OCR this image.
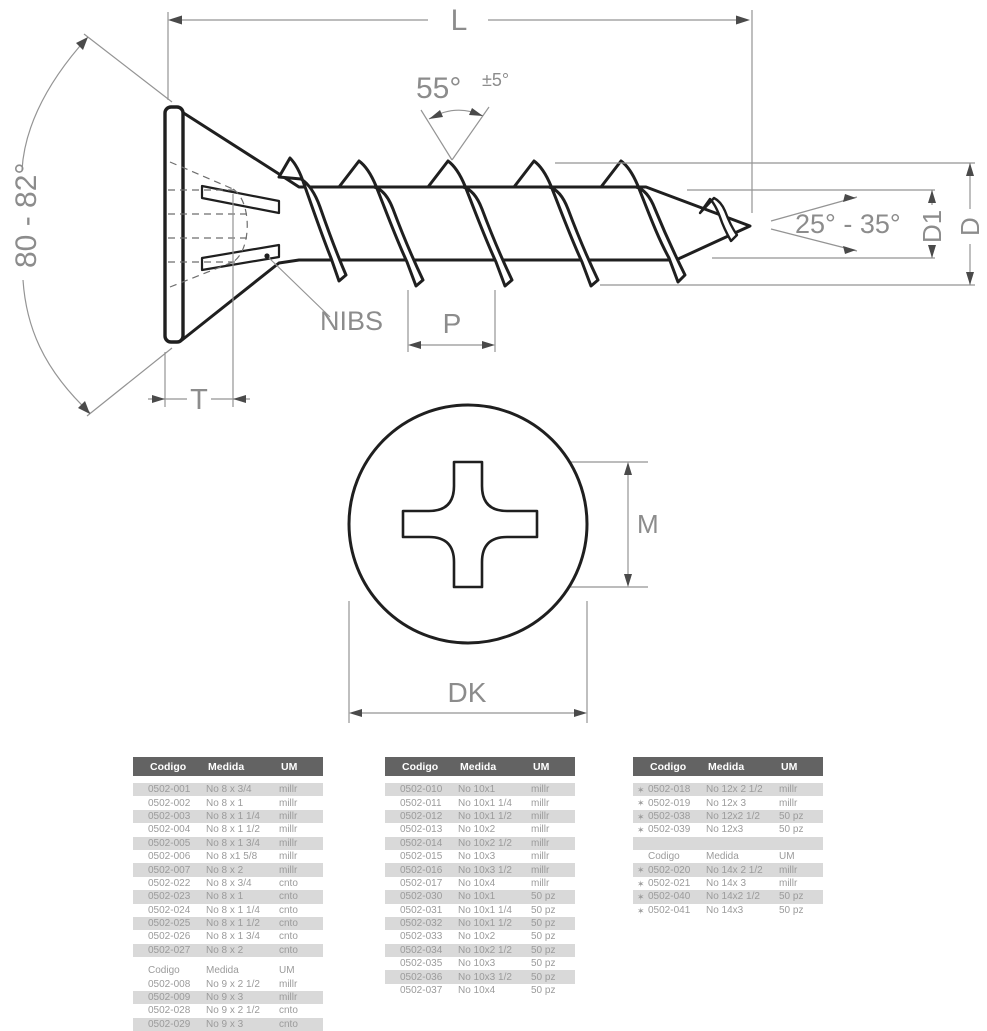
L
55° ±5°
80 - 82°
NIBS P
T
25° - 35° D1 D
M
DK
Codigo	Medida	UM
0502-001	No 8 x 3/4	millr
0502-002	No 8 x 1	millr
0502-003	No 8 x 1 1/4	millr
0502-004	No 8 x 1 1/2	millr
0502-005	No 8 x 1 3/4	millr
0502-006	No 8 x1 5/8	millr
0502-007	No 8 x 2	millr
0502-022	No 8 x 3/4	cnto
0502-023	No 8 x 1	cnto
0502-024	No 8 x 1 1/4	cnto
0502-025	No 8 x 1 1/2	cnto
0502-026	No 8 x 1 3/4	cnto
0502-027	No 8 x 2	cnto
Codigo	Medida	UM
0502-008	No 9 x 2 1/2	millr
0502-009	No 9 x 3	millr
0502-028	No 9 x 2 1/2	cnto
0502-029	No 9 x 3	cnto
Codigo	Medida	UM
0502-010	No 10x1	millr
0502-011	No 10x1 1/4	millr
0502-012	No 10x1 1/2	millr
0502-013	No 10x2	millr
0502-014	No 10x2 1/2	millr
0502-015	No 10x3	millr
0502-016	No 10x3 1/2	millr
0502-017	No 10x4	millr
0502-030	No 10x1	50 pz
0502-031	No 10x1 1/4	50 pz
0502-032	No 10x1 1/2	50 pz
0502-033	No 10x2	50 pz
0502-034	No 10x2 1/2	50 pz
0502-035	No 10x3	50 pz
0502-036	No 10x3 1/2	50 pz
0502-037	No 10x4	50 pz
Codigo	Medida	UM
✶ 0502-018	No 12x 2 1/2	millr
✶ 0502-019	No 12x 3	millr
✶ 0502-038	No 12x2 1/2	50 pz
✶ 0502-039	No 12x3	50 pz
Codigo	Medida	UM
✶ 0502-020	No 14x 2 1/2	millr
✶ 0502-021	No 14x 3	millr
✶ 0502-040	No 14x2 1/2	50 pz
✶ 0502-041	No 14x3	50 pz
